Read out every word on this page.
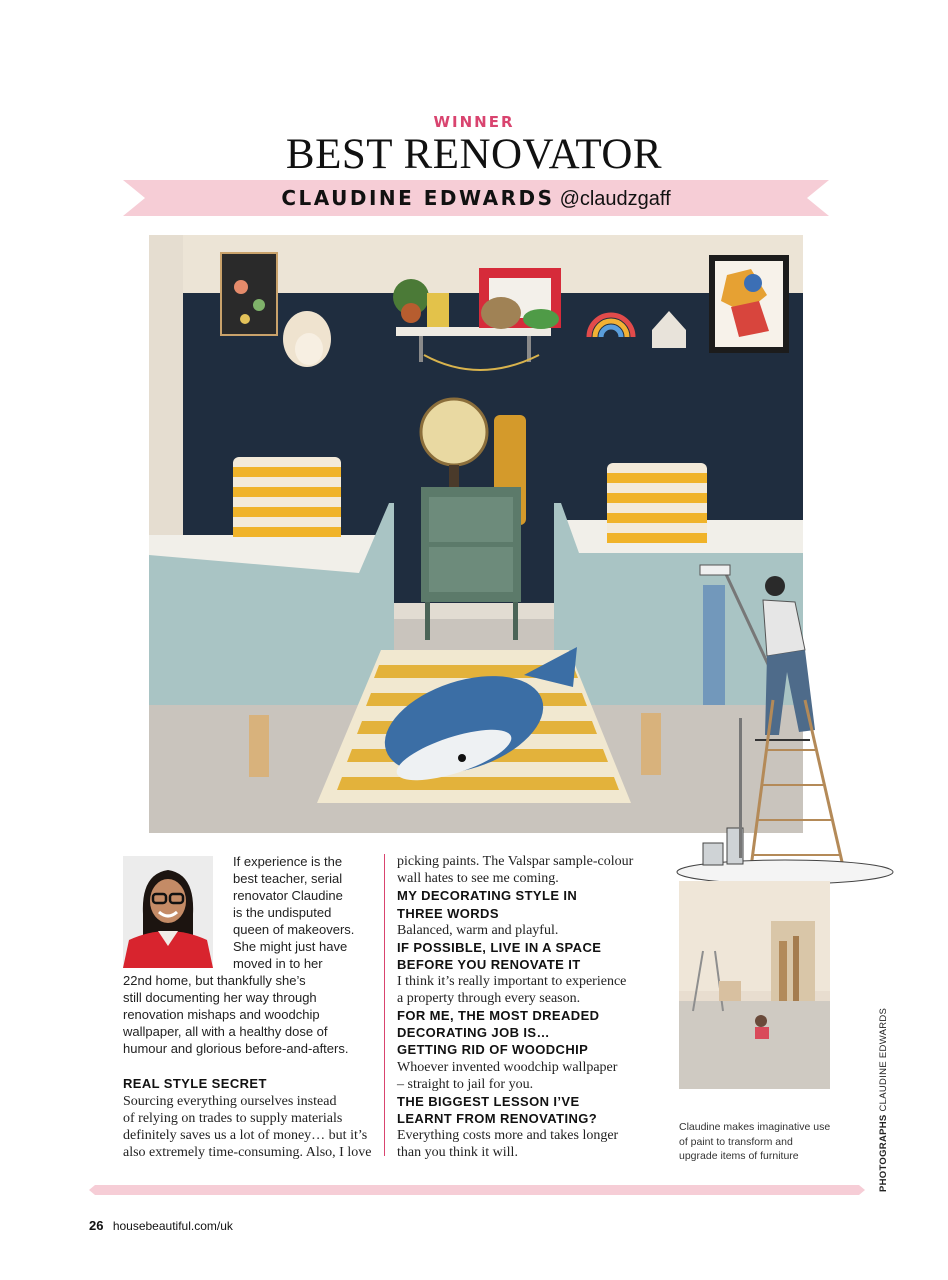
WINNER
BEST RENOVATOR
CLAUDINE EDWARDS @claudzgaff
If experience is the
best teacher, serial
renovator Claudine
is the undisputed
queen of makeovers.
She might just have
moved in to her
22nd home, but thankfully she’s
still documenting her way through
renovation mishaps and woodchip
wallpaper, all with a healthy dose of
humour and glorious before-and-afters.
REAL STYLE SECRET
Sourcing everything ourselves instead
of relying on trades to supply materials
definitely saves us a lot of money… but it’s
also extremely time-consuming. Also, I love
picking paints. The Valspar sample-colour
wall hates to see me coming.
MY DECORATING STYLE IN
THREE WORDS
Balanced, warm and playful.
IF POSSIBLE, LIVE IN A SPACE
BEFORE YOU RENOVATE IT
I think it’s really important to experience
a property through every season.
FOR ME, THE MOST DREADED
DECORATING JOB IS…
GETTING RID OF WOODCHIP
Whoever invented woodchip wallpaper
– straight to jail for you.
THE BIGGEST LESSON I’VE
LEARNT FROM RENOVATING?
Everything costs more and takes longer
than you think it will.
Claudine makes imaginative use of paint to transform and upgrade items of furniture	PHOTOGRAPHS CLAUDINE EDWARDS
26 housebeautiful.com/uk
